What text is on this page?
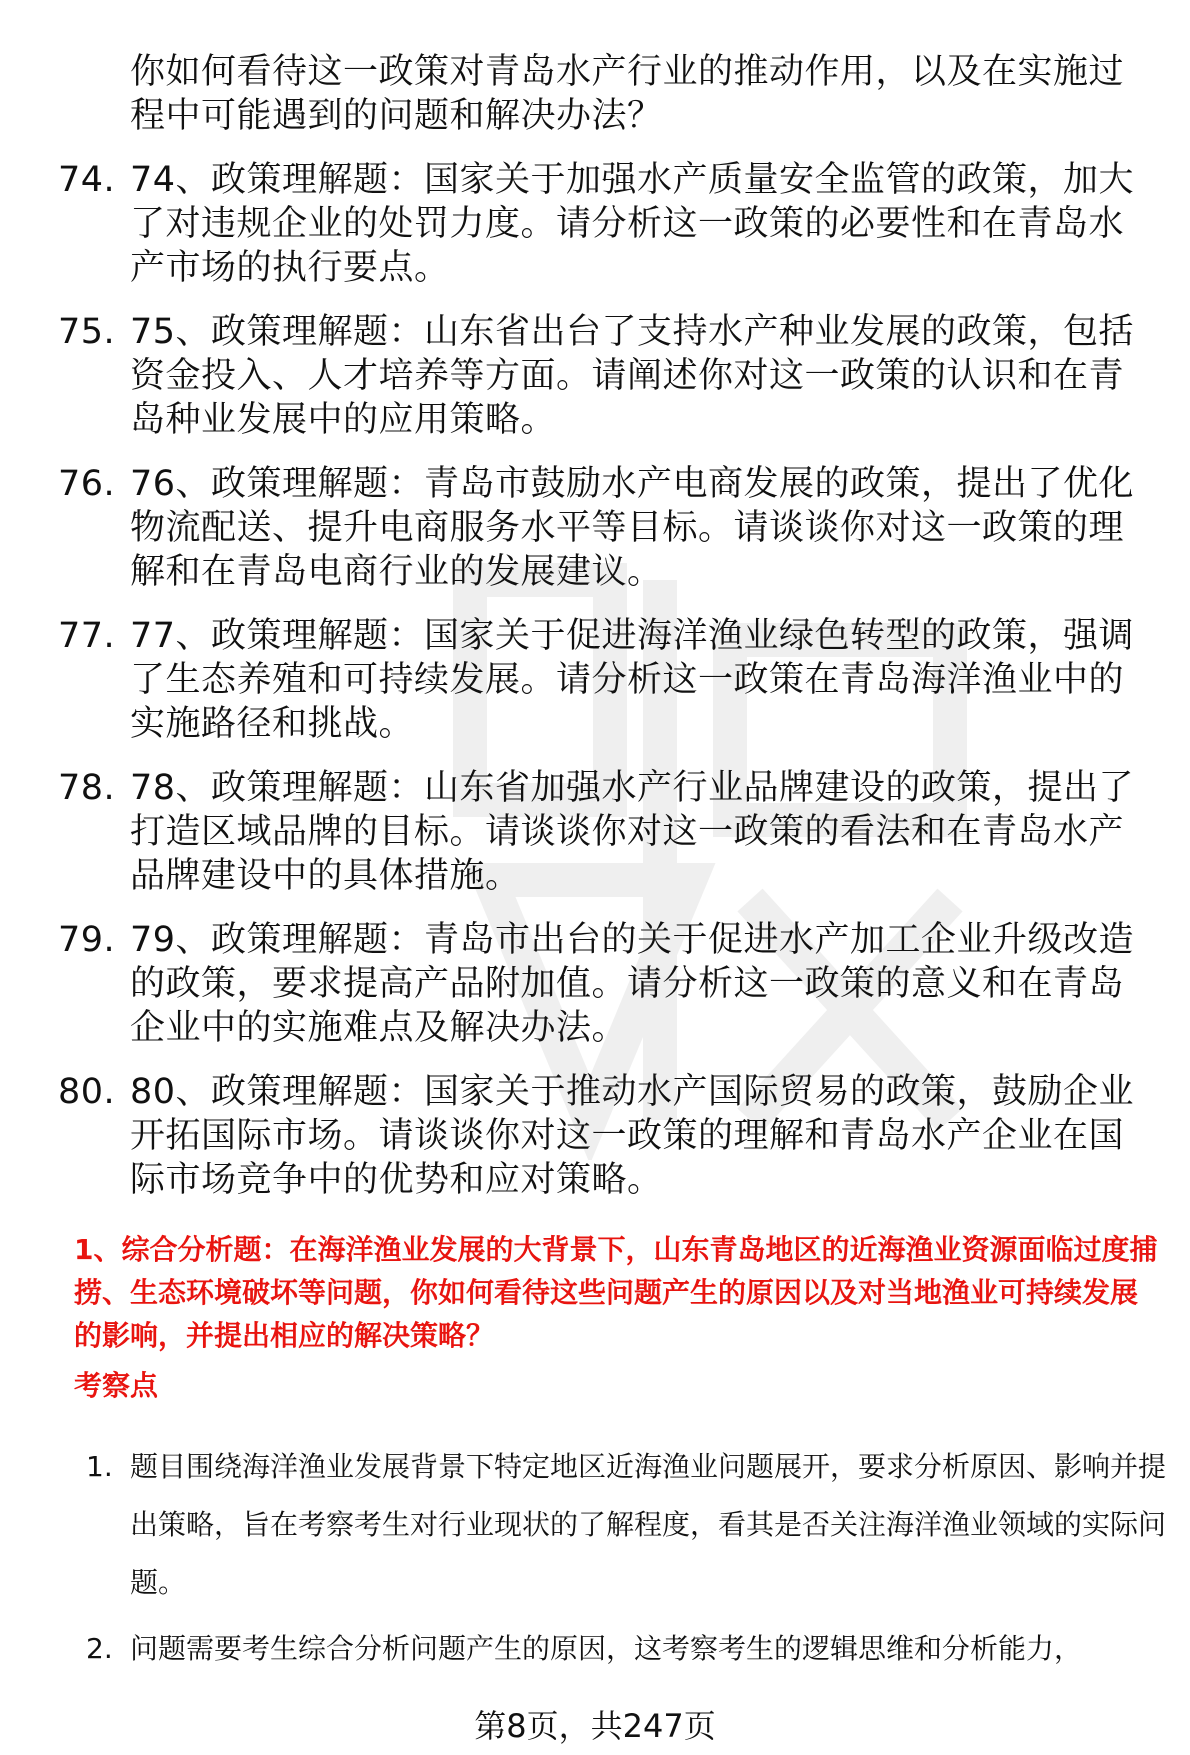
你如何看待这一政策对青岛水产行业的推动作用，以及在实施过程中可能遇到的问题和解决办法？
74. 74、政策理解题：国家关于加强水产质量安全监管的政策，加大了对违规企业的处罚力度。请分析这一政策的必要性和在青岛水产市场的执行要点。
75. 75、政策理解题：山东省出台了支持水产种业发展的政策，包括资金投入、人才培养等方面。请阐述你对这一政策的认识和在青岛种业发展中的应用策略。
76. 76、政策理解题：青岛市鼓励水产电商发展的政策，提出了优化物流配送、提升电商服务水平等目标。请谈谈你对这一政策的理解和在青岛电商行业的发展建议。
77. 77、政策理解题：国家关于促进海洋渔业绿色转型的政策，强调了生态养殖和可持续发展。请分析这一政策在青岛海洋渔业中的实施路径和挑战。
78. 78、政策理解题：山东省加强水产行业品牌建设的政策，提出了打造区域品牌的目标。请谈谈你对这一政策的看法和在青岛水产品牌建设中的具体措施。
79. 79、政策理解题：青岛市出台的关于促进水产加工企业升级改造的政策，要求提高产品附加值。请分析这一政策的意义和在青岛企业中的实施难点及解决办法。
80. 80、政策理解题：国家关于推动水产国际贸易的政策，鼓励企业开拓国际市场。请谈谈你对这一政策的理解和青岛水产企业在国际市场竞争中的优势和应对策略。
1、综合分析题：在海洋渔业发展的大背景下，山东青岛地区的近海渔业资源面临过度捕捞、生态环境破坏等问题，你如何看待这些问题产生的原因以及对当地渔业可持续发展的影响，并提出相应的解决策略？
考察点
1. 题目围绕海洋渔业发展背景下特定地区近海渔业问题展开，要求分析原因、影响并提出策略，旨在考察考生对行业现状的了解程度，看其是否关注海洋渔业领域的实际问题。
2. 问题需要考生综合分析问题产生的原因，这考察考生的逻辑思维和分析能力，
第8页，共247页
